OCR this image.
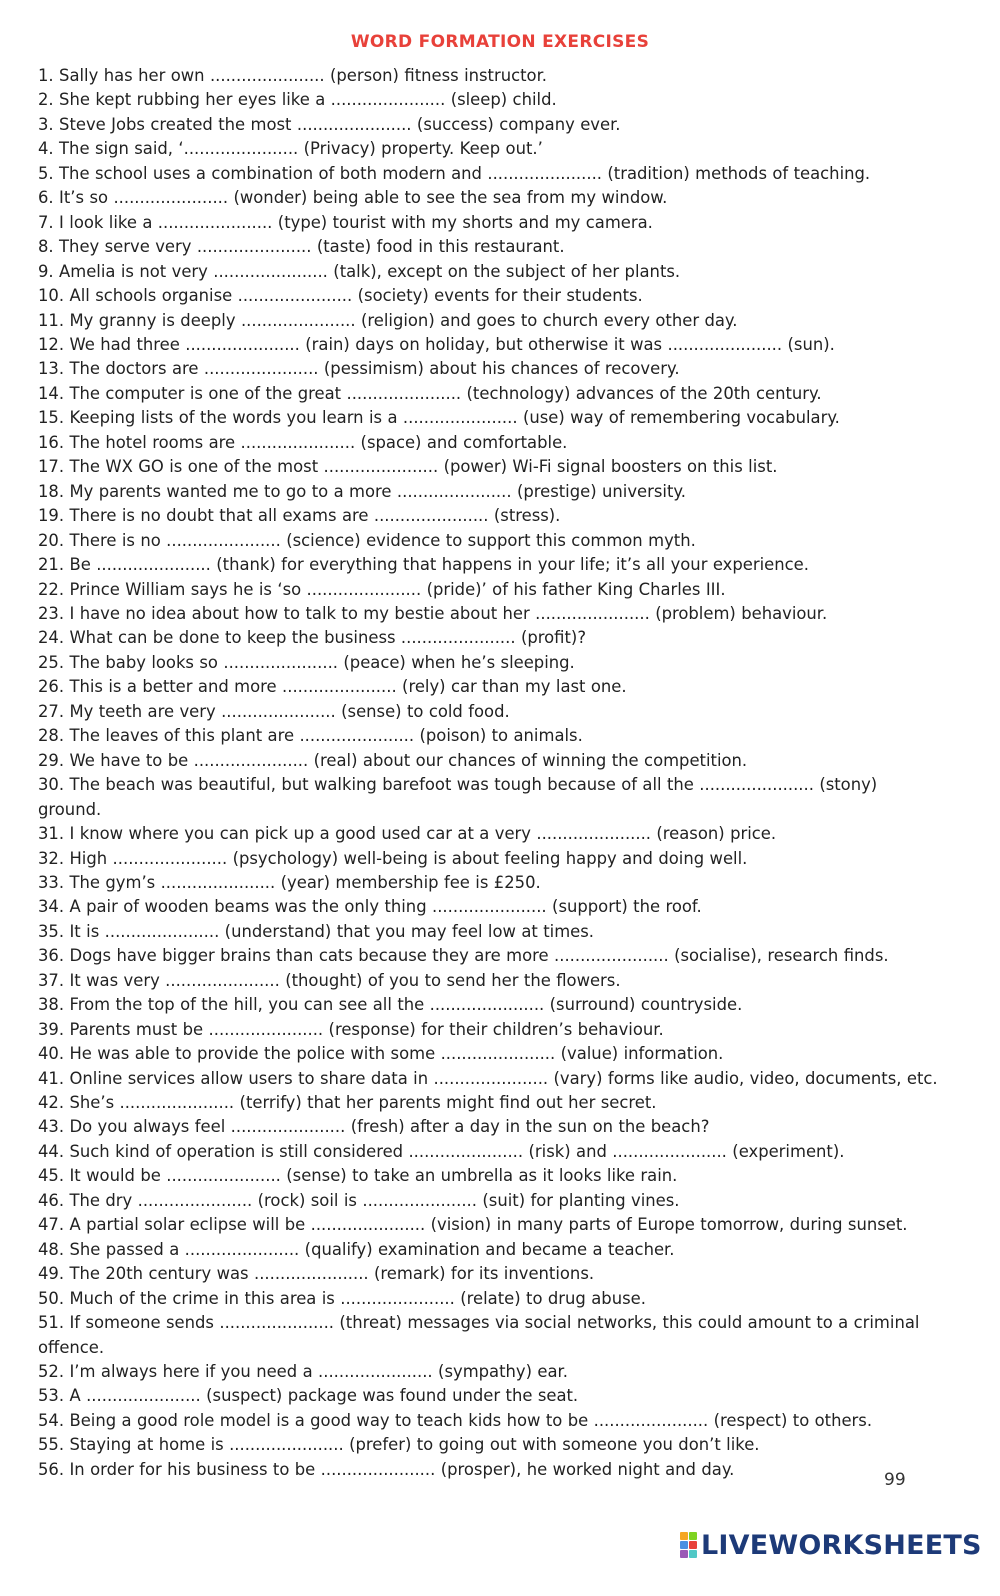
WORD FORMATION EXERCISES
1. Sally has her own ...................... (person) fitness instructor.
2. She kept rubbing her eyes like a ...................... (sleep) child.
3. Steve Jobs created the most ...................... (success) company ever.
4. The sign said, ‘...................... (Privacy) property. Keep out.’
5. The school uses a combination of both modern and ...................... (tradition) methods of teaching.
6. It’s so ...................... (wonder) being able to see the sea from my window.
7. I look like a ...................... (type) tourist with my shorts and my camera.
8. They serve very ...................... (taste) food in this restaurant.
9. Amelia is not very ...................... (talk), except on the subject of her plants.
10. All schools organise ...................... (society) events for their students.
11. My granny is deeply ...................... (religion) and goes to church every other day.
12. We had three ...................... (rain) days on holiday, but otherwise it was ...................... (sun).
13. The doctors are ...................... (pessimism) about his chances of recovery.
14. The computer is one of the great ...................... (technology) advances of the 20th century.
15. Keeping lists of the words you learn is a ...................... (use) way of remembering vocabulary.
16. The hotel rooms are ...................... (space) and comfortable.
17. The WX GO is one of the most ...................... (power) Wi-Fi signal boosters on this list.
18. My parents wanted me to go to a more ...................... (prestige) university.
19. There is no doubt that all exams are ...................... (stress).
20. There is no ...................... (science) evidence to support this common myth.
21. Be ...................... (thank) for everything that happens in your life; it’s all your experience.
22. Prince William says he is ‘so ...................... (pride)’ of his father King Charles III.
23. I have no idea about how to talk to my bestie about her ...................... (problem) behaviour.
24. What can be done to keep the business ...................... (profit)?
25. The baby looks so ...................... (peace) when he’s sleeping.
26. This is a better and more ...................... (rely) car than my last one.
27. My teeth are very ...................... (sense) to cold food.
28. The leaves of this plant are ...................... (poison) to animals.
29. We have to be ...................... (real) about our chances of winning the competition.
30. The beach was beautiful, but walking barefoot was tough because of all the ...................... (stony) ground.
31. I know where you can pick up a good used car at a very ...................... (reason) price.
32. High ...................... (psychology) well-being is about feeling happy and doing well.
33. The gym’s ...................... (year) membership fee is £250.
34. A pair of wooden beams was the only thing ...................... (support) the roof.
35. It is ...................... (understand) that you may feel low at times.
36. Dogs have bigger brains than cats because they are more ...................... (socialise), research finds.
37. It was very ...................... (thought) of you to send her the flowers.
38. From the top of the hill, you can see all the ...................... (surround) countryside.
39. Parents must be ...................... (response) for their children’s behaviour.
40. He was able to provide the police with some ...................... (value) information.
41. Online services allow users to share data in ...................... (vary) forms like audio, video, documents, etc.
42. She’s ...................... (terrify) that her parents might find out her secret.
43. Do you always feel ...................... (fresh) after a day in the sun on the beach?
44. Such kind of operation is still considered ...................... (risk) and ...................... (experiment).
45. It would be ...................... (sense) to take an umbrella as it looks like rain.
46. The dry ...................... (rock) soil is ...................... (suit) for planting vines.
47. A partial solar eclipse will be ...................... (vision) in many parts of Europe tomorrow, during sunset.
48. She passed a ...................... (qualify) examination and became a teacher.
49. The 20th century was ...................... (remark) for its inventions.
50. Much of the crime in this area is ...................... (relate) to drug abuse.
51. If someone sends ...................... (threat) messages via social networks, this could amount to a criminal offence.
52. I’m always here if you need a ...................... (sympathy) ear.
53. A ...................... (suspect) package was found under the seat.
54. Being a good role model is a good way to teach kids how to be ...................... (respect) to others.
55. Staying at home is ...................... (prefer) to going out with someone you don’t like.
56. In order for his business to be ...................... (prosper), he worked night and day.
99
LIVEWORKSHEETS
